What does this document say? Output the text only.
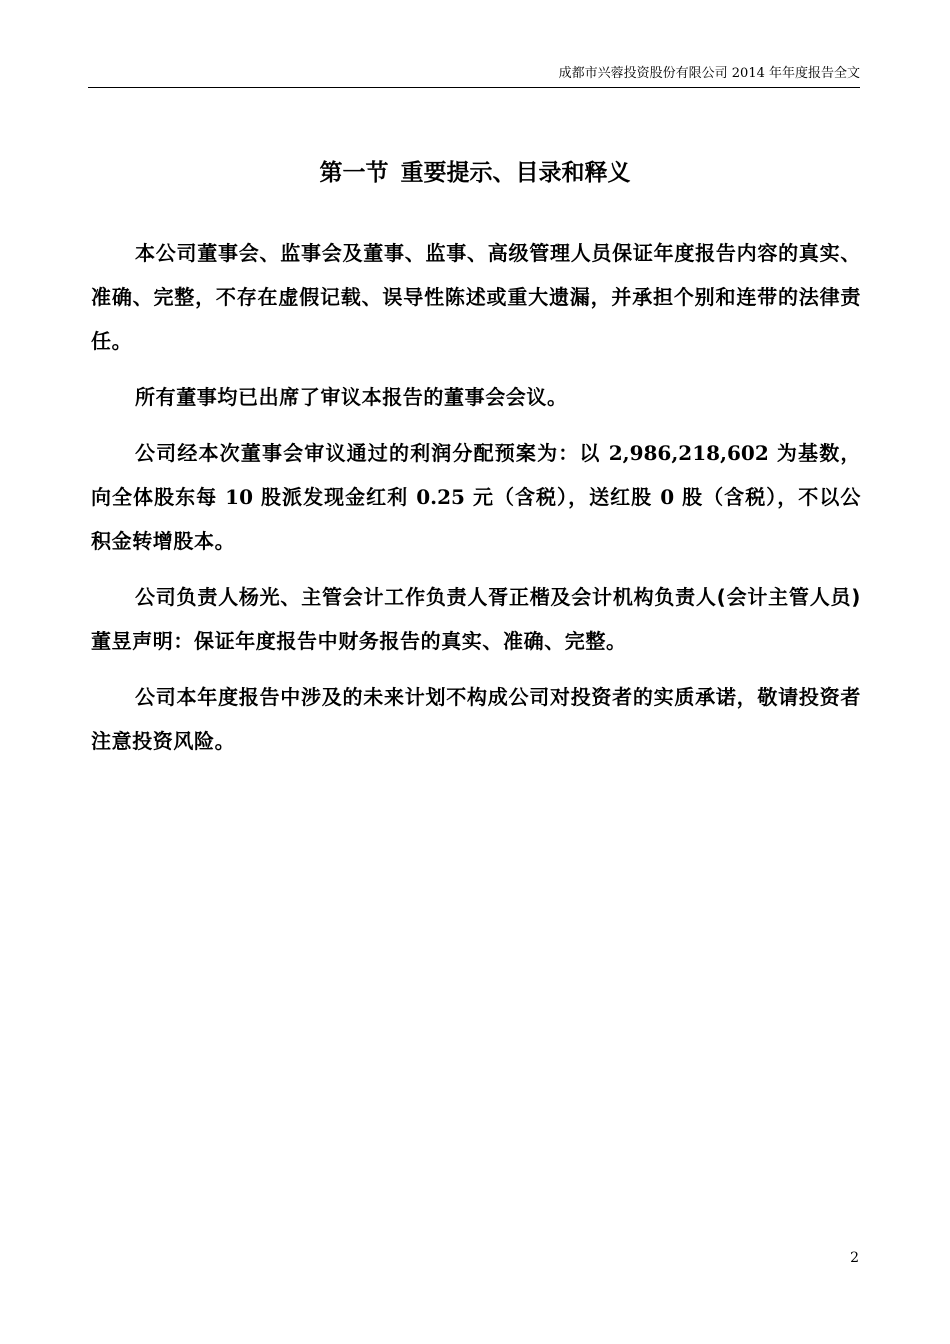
成都市兴蓉投资股份有限公司 2014 年年度报告全文
第一节 重要提示、目录和释义

本公司董事会、监事会及董事、监事、高级管理人员保证年度报告内容的真实、准确、完整，不存在虚假记载、误导性陈述或重大遗漏，并承担个别和连带的法律责任。

所有董事均已出席了审议本报告的董事会会议。

公司经本次董事会审议通过的利润分配预案为：以 2,986,218,602 为基数，向全体股东每 10 股派发现金红利 0.25 元（含税），送红股 0 股（含税），不以公积金转增股本。

公司负责人杨光、主管会计工作负责人胥正楷及会计机构负责人(会计主管人员)董昱声明：保证年度报告中财务报告的真实、准确、完整。

公司本年度报告中涉及的未来计划不构成公司对投资者的实质承诺，敬请投资者注意投资风险。

2
